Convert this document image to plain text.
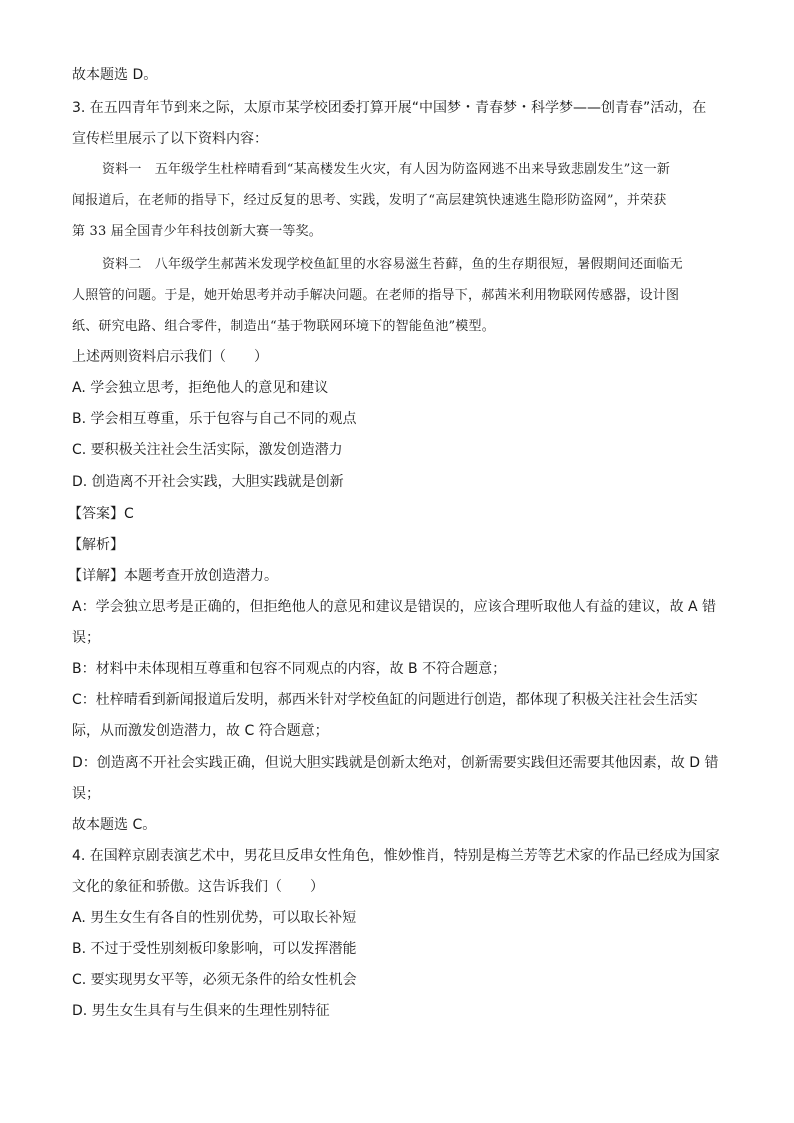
故本题选 D。
3. 在五四青年节到来之际，太原市某学校团委打算开展“中国梦・青春梦・科学梦——创青春”活动，在
宣传栏里展示了以下资料内容：
资料一　五年级学生杜梓晴看到“某高楼发生火灾，有人因为防盗网逃不出来导致悲剧发生”这一新
闻报道后，在老师的指导下，经过反复的思考、实践，发明了“高层建筑快速逃生隐形防盗网”，并荣获
第 33 届全国青少年科技创新大赛一等奖。
资料二　八年级学生郝茜米发现学校鱼缸里的水容易滋生苔藓，鱼的生存期很短，暑假期间还面临无
人照管的问题。于是，她开始思考并动手解决问题。在老师的指导下，郝茜米利用物联网传感器，设计图
纸、研究电路、组合零件，制造出“基于物联网环境下的智能鱼池”模型。
上述两则资料启示我们（　　）
A. 学会独立思考，拒绝他人的意见和建议
B. 学会相互尊重，乐于包容与自己不同的观点
C. 要积极关注社会生活实际，激发创造潜力
D. 创造离不开社会实践，大胆实践就是创新
【答案】C
【解析】
【详解】本题考查开放创造潜力。
A：学会独立思考是正确的，但拒绝他人的意见和建议是错误的，应该合理听取他人有益的建议，故 A 错
误；
B：材料中未体现相互尊重和包容不同观点的内容，故 B 不符合题意；
C：杜梓晴看到新闻报道后发明，郝西米针对学校鱼缸的问题进行创造，都体现了积极关注社会生活实
际，从而激发创造潜力，故 C 符合题意；
D：创造离不开社会实践正确，但说大胆实践就是创新太绝对，创新需要实践但还需要其他因素，故 D 错
误；
故本题选 C。
4. 在国粹京剧表演艺术中，男花旦反串女性角色，惟妙惟肖，特别是梅兰芳等艺术家的作品已经成为国家
文化的象征和骄傲。这告诉我们（　　）
A. 男生女生有各自的性别优势，可以取长补短
B. 不过于受性别刻板印象影响，可以发挥潜能
C. 要实现男女平等，必须无条件的给女性机会
D. 男生女生具有与生俱来的生理性别特征
